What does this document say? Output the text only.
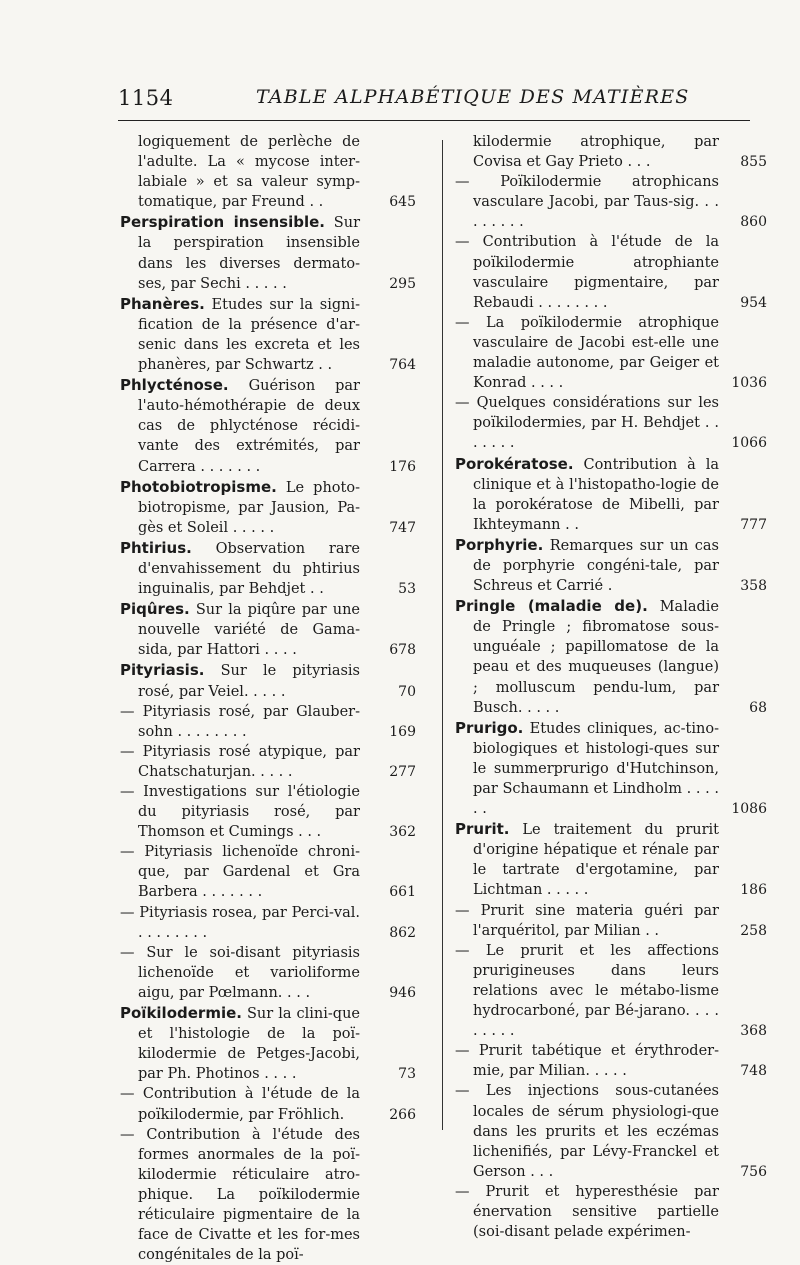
1154	TABLE ALPHABÉTIQUE DES MATIÈRES
logiquement de perlèche de l'adulte. La « mycose inter-labiale » et sa valeur symp-tomatique, par Freund . .	645
Perspiration insensible. Sur la perspiration insensible dans les diverses dermato-ses, par Sechi . . . . .	295
Phanères. Etudes sur la signi-fication de la présence d'ar-senic dans les excreta et les phanères, par Schwartz . .	764
Phlycténose. Guérison par l'auto-hémothérapie de deux cas de phlycténose récidi-vante des extrémités, par Carrera . . . . . . .	176
Photobiotropisme. Le photo-biotropisme, par Jausion, Pa-gès et Soleil . . . . .	747
Phtirius. Observation rare d'envahissement du phtirius inguinalis, par Behdjet . .	53
Piqûres. Sur la piqûre par une nouvelle variété de Gama-sida, par Hattori . . . .	678
Pityriasis. Sur le pityriasis rosé, par Veiel. . . . .	70
— Pityriasis rosé, par Glauber-sohn . . . . . . . .	169
— Pityriasis rosé atypique, par Chatschaturjan. . . . .	277
— Investigations sur l'étiologie du pityriasis rosé, par Thomson et Cumings . . .	362
— Pityriasis lichenoïde chroni-que, par Gardenal et Gra Barbera . . . . . . .	661
— Pityriasis rosea, par Perci-val. . . . . . . . .	862
— Sur le soi-disant pityriasis lichenoïde et varioliforme aigu, par Pœlmann. . . .	946
Poïkilodermie. Sur la clini-que et l'histologie de la poï-kilodermie de Petges-Jacobi, par Ph. Photinos . . . .	73
— Contribution à l'étude de la poïkilodermie, par Fröhlich.	266
— Contribution à l'étude des formes anormales de la poï-kilodermie réticulaire atro-phique. La poïkilodermie réticulaire pigmentaire de la face de Civatte et les for-mes congénitales de la poï-
kilodermie atrophique, par Covisa et Gay Prieto . . .	855
— Poïkilodermie atrophicans vasculare Jacobi, par Taus-sig. . . . . . . . .	860
— Contribution à l'étude de la poïkilodermie atrophiante vasculaire pigmentaire, par Rebaudi . . . . . . . .	954
— La poïkilodermie atrophique vasculaire de Jacobi est-elle une maladie autonome, par Geiger et Konrad . . . .	1036
— Quelques considérations sur les poïkilodermies, par H. Behdjet . . . . . . .	1066
Porokératose. Contribution à la clinique et à l'histopatho-logie de la porokératose de Mibelli, par Ikhteymann . .	777
Porphyrie. Remarques sur un cas de porphyrie congéni-tale, par Schreus et Carrié .	358
Pringle (maladie de). Maladie de Pringle ; fibromatose sous-unguéale ; papillomatose de la peau et des muqueuses (langue) ; molluscum pendu-lum, par Busch. . . . .	68
Prurigo. Etudes cliniques, ac-tino-biologiques et histologi-ques sur le summerprurigo d'Hutchinson, par Schaumann et Lindholm . . . . . .	1086
Prurit. Le traitement du prurit d'origine hépatique et rénale par le tartrate d'ergotamine, par Lichtman . . . . .	186
— Prurit sine materia guéri par l'arquéritol, par Milian . .	258
— Le prurit et les affections prurigineuses dans leurs relations avec le métabo-lisme hydrocarboné, par Bé-jarano. . . . . . . . .	368
— Prurit tabétique et érythroder-mie, par Milian. . . . .	748
— Les injections sous-cutanées locales de sérum physiologi-que dans les prurits et les eczémas lichenifiés, par Lévy-Franckel et Gerson . . .	756
— Prurit et hyperesthésie par énervation sensitive partielle (soi-disant pelade expérimen-
